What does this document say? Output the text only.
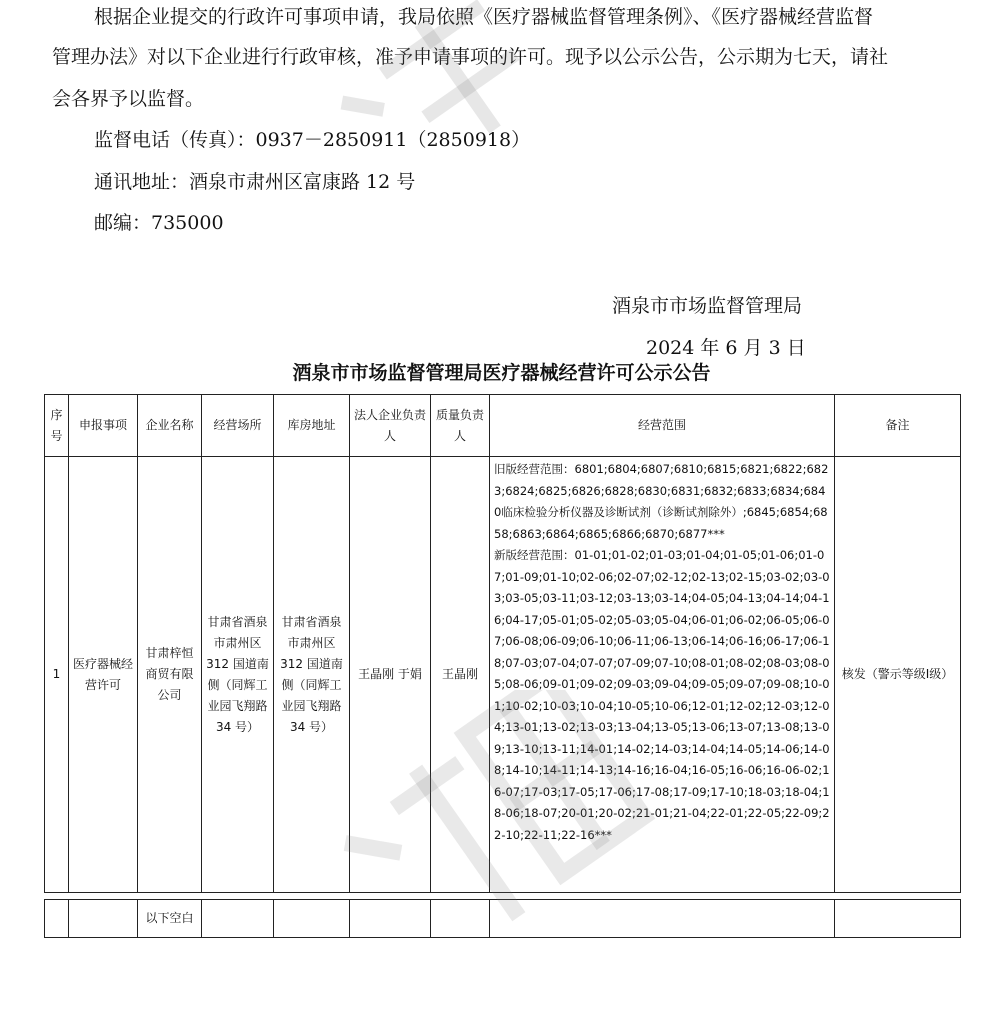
根据企业提交的行政许可事项申请，我局依照《医疗器械监督管理条例》、《医疗器械经营监督

管理办法》对以下企业进行行政审核，准予申请事项的许可。现予以公示公告，公示期为七天，请社

会各界予以监督。

监督电话（传真）：0937－2850911（2850918）

通讯地址：酒泉市肃州区富康路 12 号

邮编：735000

酒泉市市场监督管理局
2024 年 6 月 3 日
酒泉市市场监督管理局医疗器械经营许可公示公告
序号	申报事项	企业名称	经营场所	库房地址	法人企业负责人	质量负责人	经营范围	备注
1	医疗器械经营许可	甘肃梓恒商贸有限公司	甘肃省酒泉市肃州区 312 国道南侧（同辉工业园飞翔路 34 号）	甘肃省酒泉市肃州区 312 国道南侧（同辉工业园飞翔路 34 号）	王晶刚 于娟	王晶刚	旧版经营范围：6801;6804;6807;6810;6815;6821;6822;6823;6824;6825;6826;6828;6830;6831;6832;6833;6834;6840临床检验分析仪器及诊断试剂（诊断试剂除外）;6845;6854;6858;6863;6864;6865;6866;6870;6877***
新版经营范围：01-01;01-02;01-03;01-04;01-05;01-06;01-07;01-09;01-10;02-06;02-07;02-12;02-13;02-15;03-02;03-03;03-05;03-11;03-12;03-13;03-14;04-05;04-13;04-14;04-16;04-17;05-01;05-02;05-03;05-04;06-01;06-02;06-05;06-07;06-08;06-09;06-10;06-11;06-13;06-14;06-16;06-17;06-18;07-03;07-04;07-07;07-09;07-10;08-01;08-02;08-03;08-05;08-06;09-01;09-02;09-03;09-04;09-05;09-07;09-08;10-01;10-02;10-03;10-04;10-05;10-06;12-01;12-02;12-03;12-04;13-01;13-02;13-03;13-04;13-05;13-06;13-07;13-08;13-09;13-10;13-11;14-01;14-02;14-03;14-04;14-05;14-06;14-08;14-10;14-11;14-13;14-16;16-04;16-05;16-06;16-06-02;16-07;17-03;17-05;17-06;17-08;17-09;17-10;18-03;18-04;18-06;18-07;20-01;20-02;21-01;21-04;22-01;22-05;22-09;22-10;22-11;22-16***	核发（警示等级Ⅰ级）
		以下空白						
